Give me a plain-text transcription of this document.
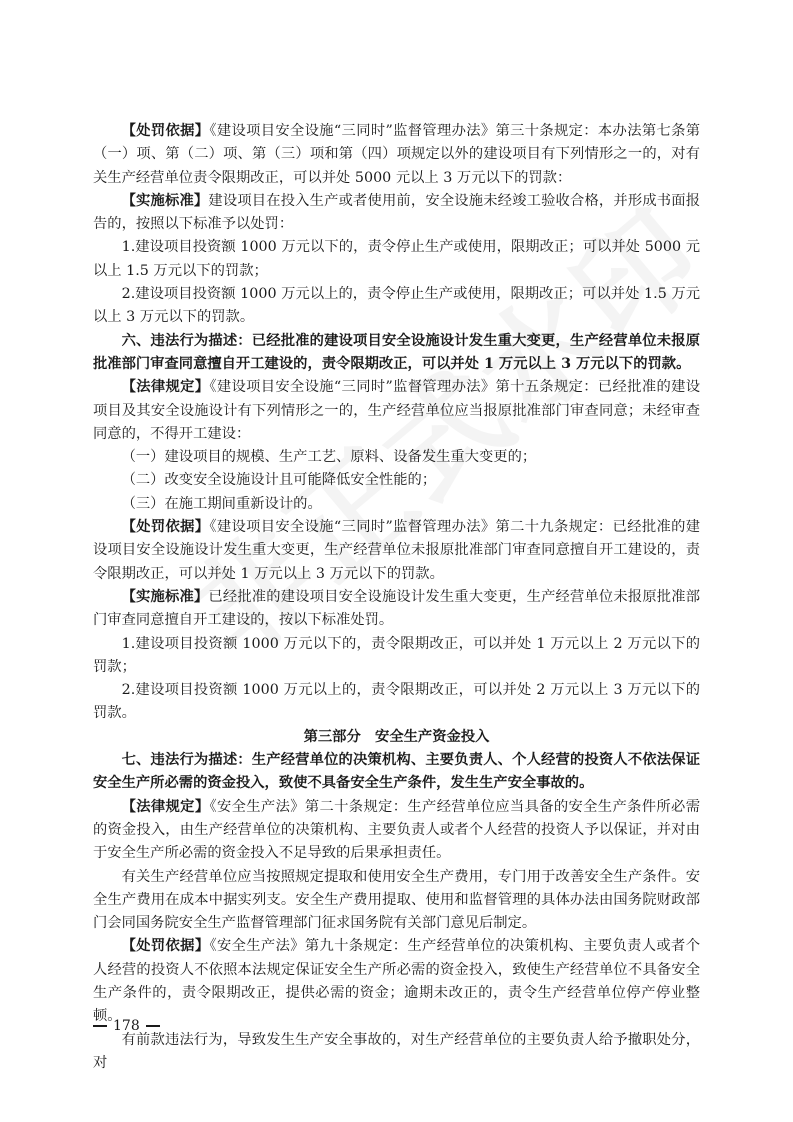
【处罚依据】《建设项目安全设施“三同时”监督管理办法》第三十条规定：本办法第七条第（一）项、第（二）项、第（三）项和第（四）项规定以外的建设项目有下列情形之一的，对有关生产经营单位责令限期改正，可以并处 5000 元以上 3 万元以下的罚款：

【实施标准】建设项目在投入生产或者使用前，安全设施未经竣工验收合格，并形成书面报告的，按照以下标准予以处罚：

1.建设项目投资额 1000 万元以下的，责令停止生产或使用，限期改正；可以并处 5000 元以上 1.5 万元以下的罚款；

2.建设项目投资额 1000 万元以上的，责令停止生产或使用，限期改正；可以并处 1.5 万元以上 3 万元以下的罚款。

六、违法行为描述：已经批准的建设项目安全设施设计发生重大变更，生产经营单位未报原批准部门审查同意擅自开工建设的，责令限期改正，可以并处 1 万元以上 3 万元以下的罚款。

【法律规定】《建设项目安全设施“三同时”监督管理办法》第十五条规定：已经批准的建设项目及其安全设施设计有下列情形之一的，生产经营单位应当报原批准部门审查同意；未经审查同意的，不得开工建设：

（一）建设项目的规模、生产工艺、原料、设备发生重大变更的；

（二）改变安全设施设计且可能降低安全性能的；

（三）在施工期间重新设计的。

【处罚依据】《建设项目安全设施“三同时”监督管理办法》第二十九条规定：已经批准的建设项目安全设施设计发生重大变更，生产经营单位未报原批准部门审查同意擅自开工建设的，责令限期改正，可以并处 1 万元以上 3 万元以下的罚款。

【实施标准】已经批准的建设项目安全设施设计发生重大变更，生产经营单位未报原批准部门审查同意擅自开工建设的，按以下标准处罚。

1.建设项目投资额 1000 万元以下的，责令限期改正，可以并处 1 万元以上 2 万元以下的罚款；

2.建设项目投资额 1000 万元以上的，责令限期改正，可以并处 2 万元以上 3 万元以下的罚款。

第三部分　安全生产资金投入

七、违法行为描述：生产经营单位的决策机构、主要负责人、个人经营的投资人不依法保证安全生产所必需的资金投入，致使不具备安全生产条件，发生生产安全事故的。

【法律规定】《安全生产法》第二十条规定：生产经营单位应当具备的安全生产条件所必需的资金投入，由生产经营单位的决策机构、主要负责人或者个人经营的投资人予以保证，并对由于安全生产所必需的资金投入不足导致的后果承担责任。

有关生产经营单位应当按照规定提取和使用安全生产费用，专门用于改善安全生产条件。安全生产费用在成本中据实列支。安全生产费用提取、使用和监督管理的具体办法由国务院财政部门会同国务院安全生产监督管理部门征求国务院有关部门意见后制定。

【处罚依据】《安全生产法》第九十条规定：生产经营单位的决策机构、主要负责人或者个人经营的投资人不依照本法规定保证安全生产所必需的资金投入，致使生产经营单位不具备安全生产条件的，责令限期改正，提供必需的资金；逾期未改正的，责令生产经营单位停产停业整顿。

有前款违法行为，导致发生生产安全事故的，对生产经营单位的主要负责人给予撤职处分，对

178
